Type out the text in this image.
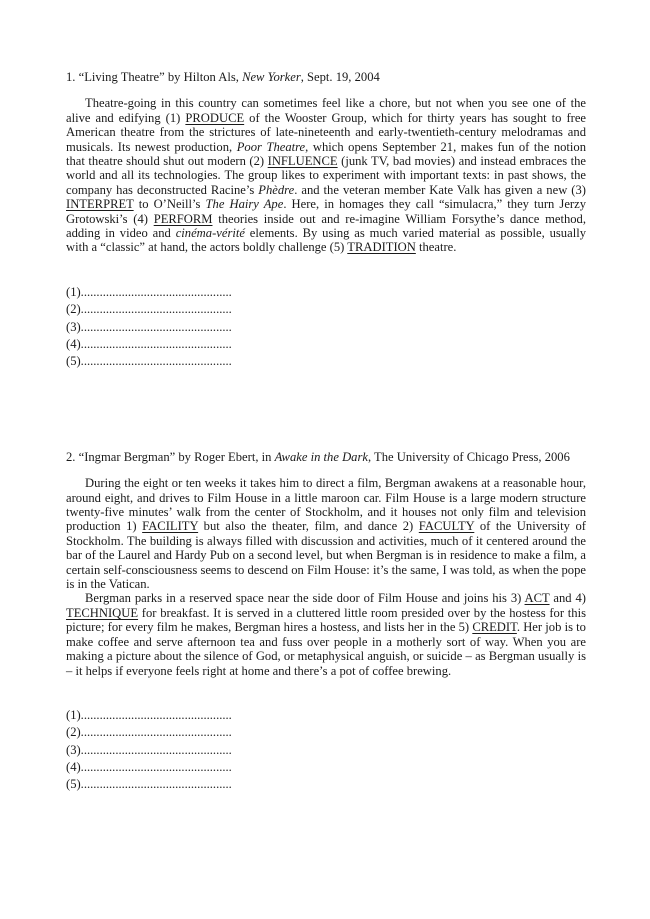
1. “Living Theatre” by Hilton Als, New Yorker, Sept. 19, 2004

Theatre-going in this country can sometimes feel like a chore, but not when you see one of the alive and edifying (1) PRODUCE of the Wooster Group, which for thirty years has sought to free American theatre from the strictures of late-nineteenth and early-twentieth-century melodramas and musicals. Its newest production, Poor Theatre, which opens September 21, makes fun of the notion that theatre should shut out modern (2) INFLUENCE (junk TV, bad movies) and instead embraces the world and all its technologies. The group likes to experiment with important texts: in past shows, the company has deconstructed Racine’s Phèdre. and the veteran member Kate Valk has given a new (3) INTERPRET to O’Neill’s The Hairy Ape. Here, in homages they call “simulacra,” they turn Jerzy Grotowski’s (4) PERFORM theories inside out and re-imagine William Forsythe’s dance method, adding in video and cinéma-vérité elements. By using as much varied material as possible, usually with a “classic” at hand, the actors boldly challenge (5) TRADITION theatre.

(1)................................................
(2)................................................
(3)................................................
(4)................................................
(5)................................................

2. “Ingmar Bergman” by Roger Ebert, in Awake in the Dark, The University of Chicago Press, 2006

During the eight or ten weeks it takes him to direct a film, Bergman awakens at a reasonable hour, around eight, and drives to Film House in a little maroon car. Film House is a large modern structure twenty-five minutes’ walk from the center of Stockholm, and it houses not only film and television production 1) FACILITY but also the theater, film, and dance 2) FACULTY of the University of Stockholm. The building is always filled with discussion and activities, much of it centered around the bar of the Laurel and Hardy Pub on a second level, but when Bergman is in residence to make a film, a certain self-consciousness seems to descend on Film House: it’s the same, I was told, as when the pope is in the Vatican.

Bergman parks in a reserved space near the side door of Film House and joins his 3) ACT and 4) TECHNIQUE for breakfast. It is served in a cluttered little room presided over by the hostess for this picture; for every film he makes, Bergman hires a hostess, and lists her in the 5) CREDIT. Her job is to make coffee and serve afternoon tea and fuss over people in a motherly sort of way. When you are making a picture about the silence of God, or metaphysical anguish, or suicide – as Bergman usually is – it helps if everyone feels right at home and there’s a pot of coffee brewing.

(1)................................................
(2)................................................
(3)................................................
(4)................................................
(5)................................................
